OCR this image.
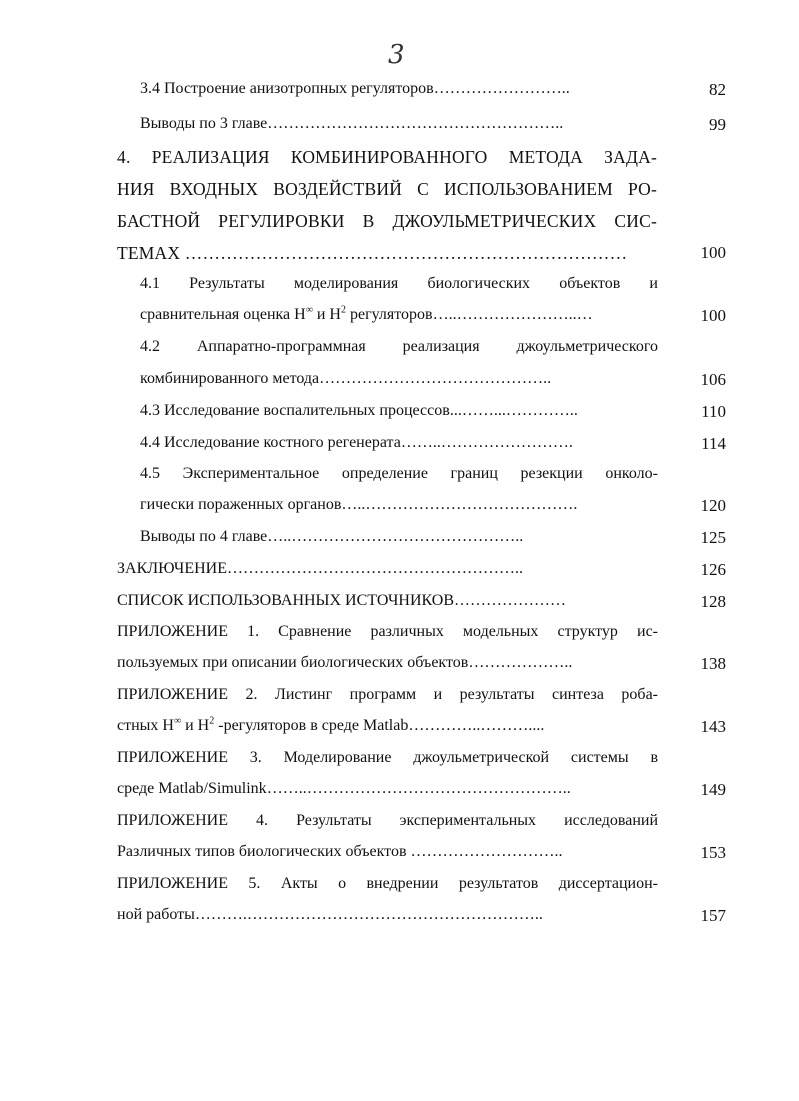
3
3.4 Построение анизотропных регуляторов……………………..	82
Выводы по 3 главе………………………………………………..	99
4. РЕАЛИЗАЦИЯ КОМБИНИРОВАННОГО МЕТОДА ЗАДА-
НИЯ ВХОДНЫХ ВОЗДЕЙСТВИЙ С ИСПОЛЬЗОВАНИЕМ РО-
БАСТНОЙ РЕГУЛИРОВКИ В ДЖОУЛЬМЕТРИЧЕСКИХ СИС-
ТЕМАХ …………………………………………………………………	100
4.1 Результаты моделирования биологических объектов и
сравнительная оценка H∞ и $H^2$ регуляторов…..…………………..…	100
4.2 Аппаратно-программная реализация джоульметрического
комбинированного метода……………………………………..	106
4.3 Исследование воспалительных процессов...……...…………..	110
4.4 Исследование костного регенерата……..…………………….	114
4.5 Экспериментальное определение границ резекции онколо-
гически пораженных органов…..………………………………….	120
Выводы по 4 главе…..……………………………………..	125
ЗАКЛЮЧЕНИЕ………………………………………………..	126
СПИСОК ИСПОЛЬЗОВАННЫХ ИСТОЧНИКОВ…………………	128
ПРИЛОЖЕНИЕ 1. Сравнение различных модельных структур ис-
пользуемых при описании биологических объектов………………..	138
ПРИЛОЖЕНИЕ 2. Листинг программ и результаты синтеза роба-
стных H∞ и $H^2$ -регуляторов в среде Matlab…………..………....	143
ПРИЛОЖЕНИЕ 3. Моделирование джоульметрической системы в
среде Matlab/Simulink……..…………………………………………..	149
ПРИЛОЖЕНИЕ 4. Результаты экспериментальных исследований
Различных типов биологических объектов ………………………..	153
ПРИЛОЖЕНИЕ 5. Акты о внедрении результатов диссертацион-
ной работы……….………………………………………………..	157
